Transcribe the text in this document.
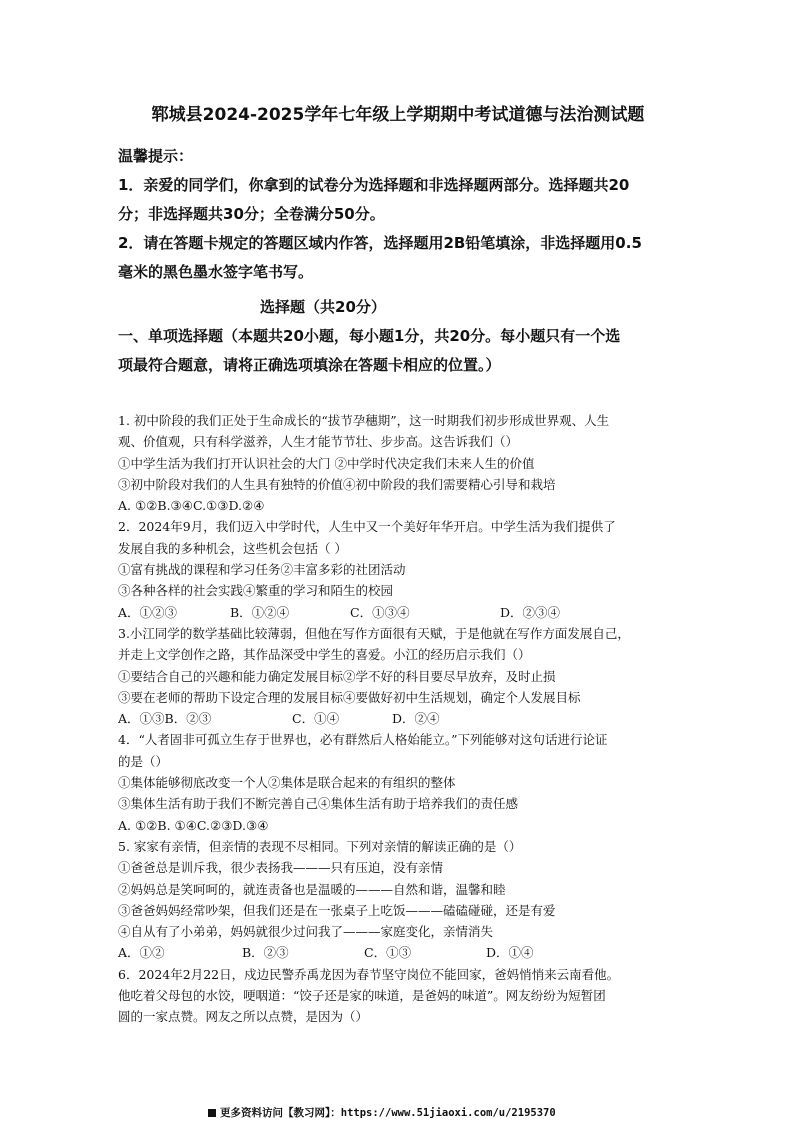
郓城县2024-2025学年七年级上学期期中考试道德与法治测试题

温馨提示：

1．亲爱的同学们，你拿到的试卷分为选择题和非选择题两部分。选择题共20

分；非选择题共30分；全卷满分50分。

2．请在答题卡规定的答题区域内作答，选择题用2B铅笔填涂，非选择题用0.5

毫米的黑色墨水签字笔书写。

选择题（共20分）

一、单项选择题（本题共20小题，每小题1分，共20分。每小题只有一个选

项最符合题意，请将正确选项填涂在答题卡相应的位置。）

1. 初中阶段的我们正处于生命成长的“拔节孕穗期”，这一时期我们初步形成世界观、人生

观、价值观，只有科学滋养，人生才能节节壮、步步高。这告诉我们（）

①中学生活为我们打开认识社会的大门 ②中学时代决定我们未来人生的价值

③初中阶段对我们的人生具有独特的价值④初中阶段的我们需要精心引导和栽培

A. ①②B.③④C.①③D.②④

2．2024年9月，我们迈入中学时代，人生中又一个美好年华开启。中学生活为我们提供了

发展自我的多种机会，这些机会包括（ ）

①富有挑战的课程和学习任务②丰富多彩的社团活动

③各种各样的社会实践④繁重的学习和陌生的校园

A．①②③	B．①②④	C．①③④	D．②③④

3.小江同学的数学基础比较薄弱，但他在写作方面很有天赋，于是他就在写作方面发展自己，

并走上文学创作之路，其作品深受中学生的喜爱。小江的经历启示我们（）

①要结合自己的兴趣和能力确定发展目标②学不好的科目要尽早放弃，及时止损

③要在老师的帮助下设定合理的发展目标④要做好初中生活规划，确定个人发展目标

A．①③B．②③	C．①④	D．②④

4．“人者固非可孤立生存于世界也，必有群然后人格始能立。”下列能够对这句话进行论证

的是（）

①集体能够彻底改变一个人②集体是联合起来的有组织的整体

③集体生活有助于我们不断完善自己④集体生活有助于培养我们的责任感

A. ①②B. ①④C.②③D.③④

5. 家家有亲情，但亲情的表现不尽相同。下列对亲情的解读正确的是（）

①爸爸总是训斥我，很少表扬我———只有压迫，没有亲情

②妈妈总是笑呵呵的，就连责备也是温暖的———自然和谐，温馨和睦

③爸爸妈妈经常吵架，但我们还是在一张桌子上吃饭———磕磕碰碰，还是有爱

④自从有了小弟弟，妈妈就很少过问我了———家庭变化，亲情消失

A．①②	B．②③	C．①③	D．①④

6．2024年2月22日，戍边民警乔禹龙因为春节坚守岗位不能回家，爸妈悄悄来云南看他。

他吃着父母包的水饺，哽咽道：“饺子还是家的味道，是爸妈的味道”。网友纷纷为短暂团

圆的一家点赞。网友之所以点赞，是因为（）

更多资料访问【教习网】：https://www.51jiaoxi.com/u/2195370
